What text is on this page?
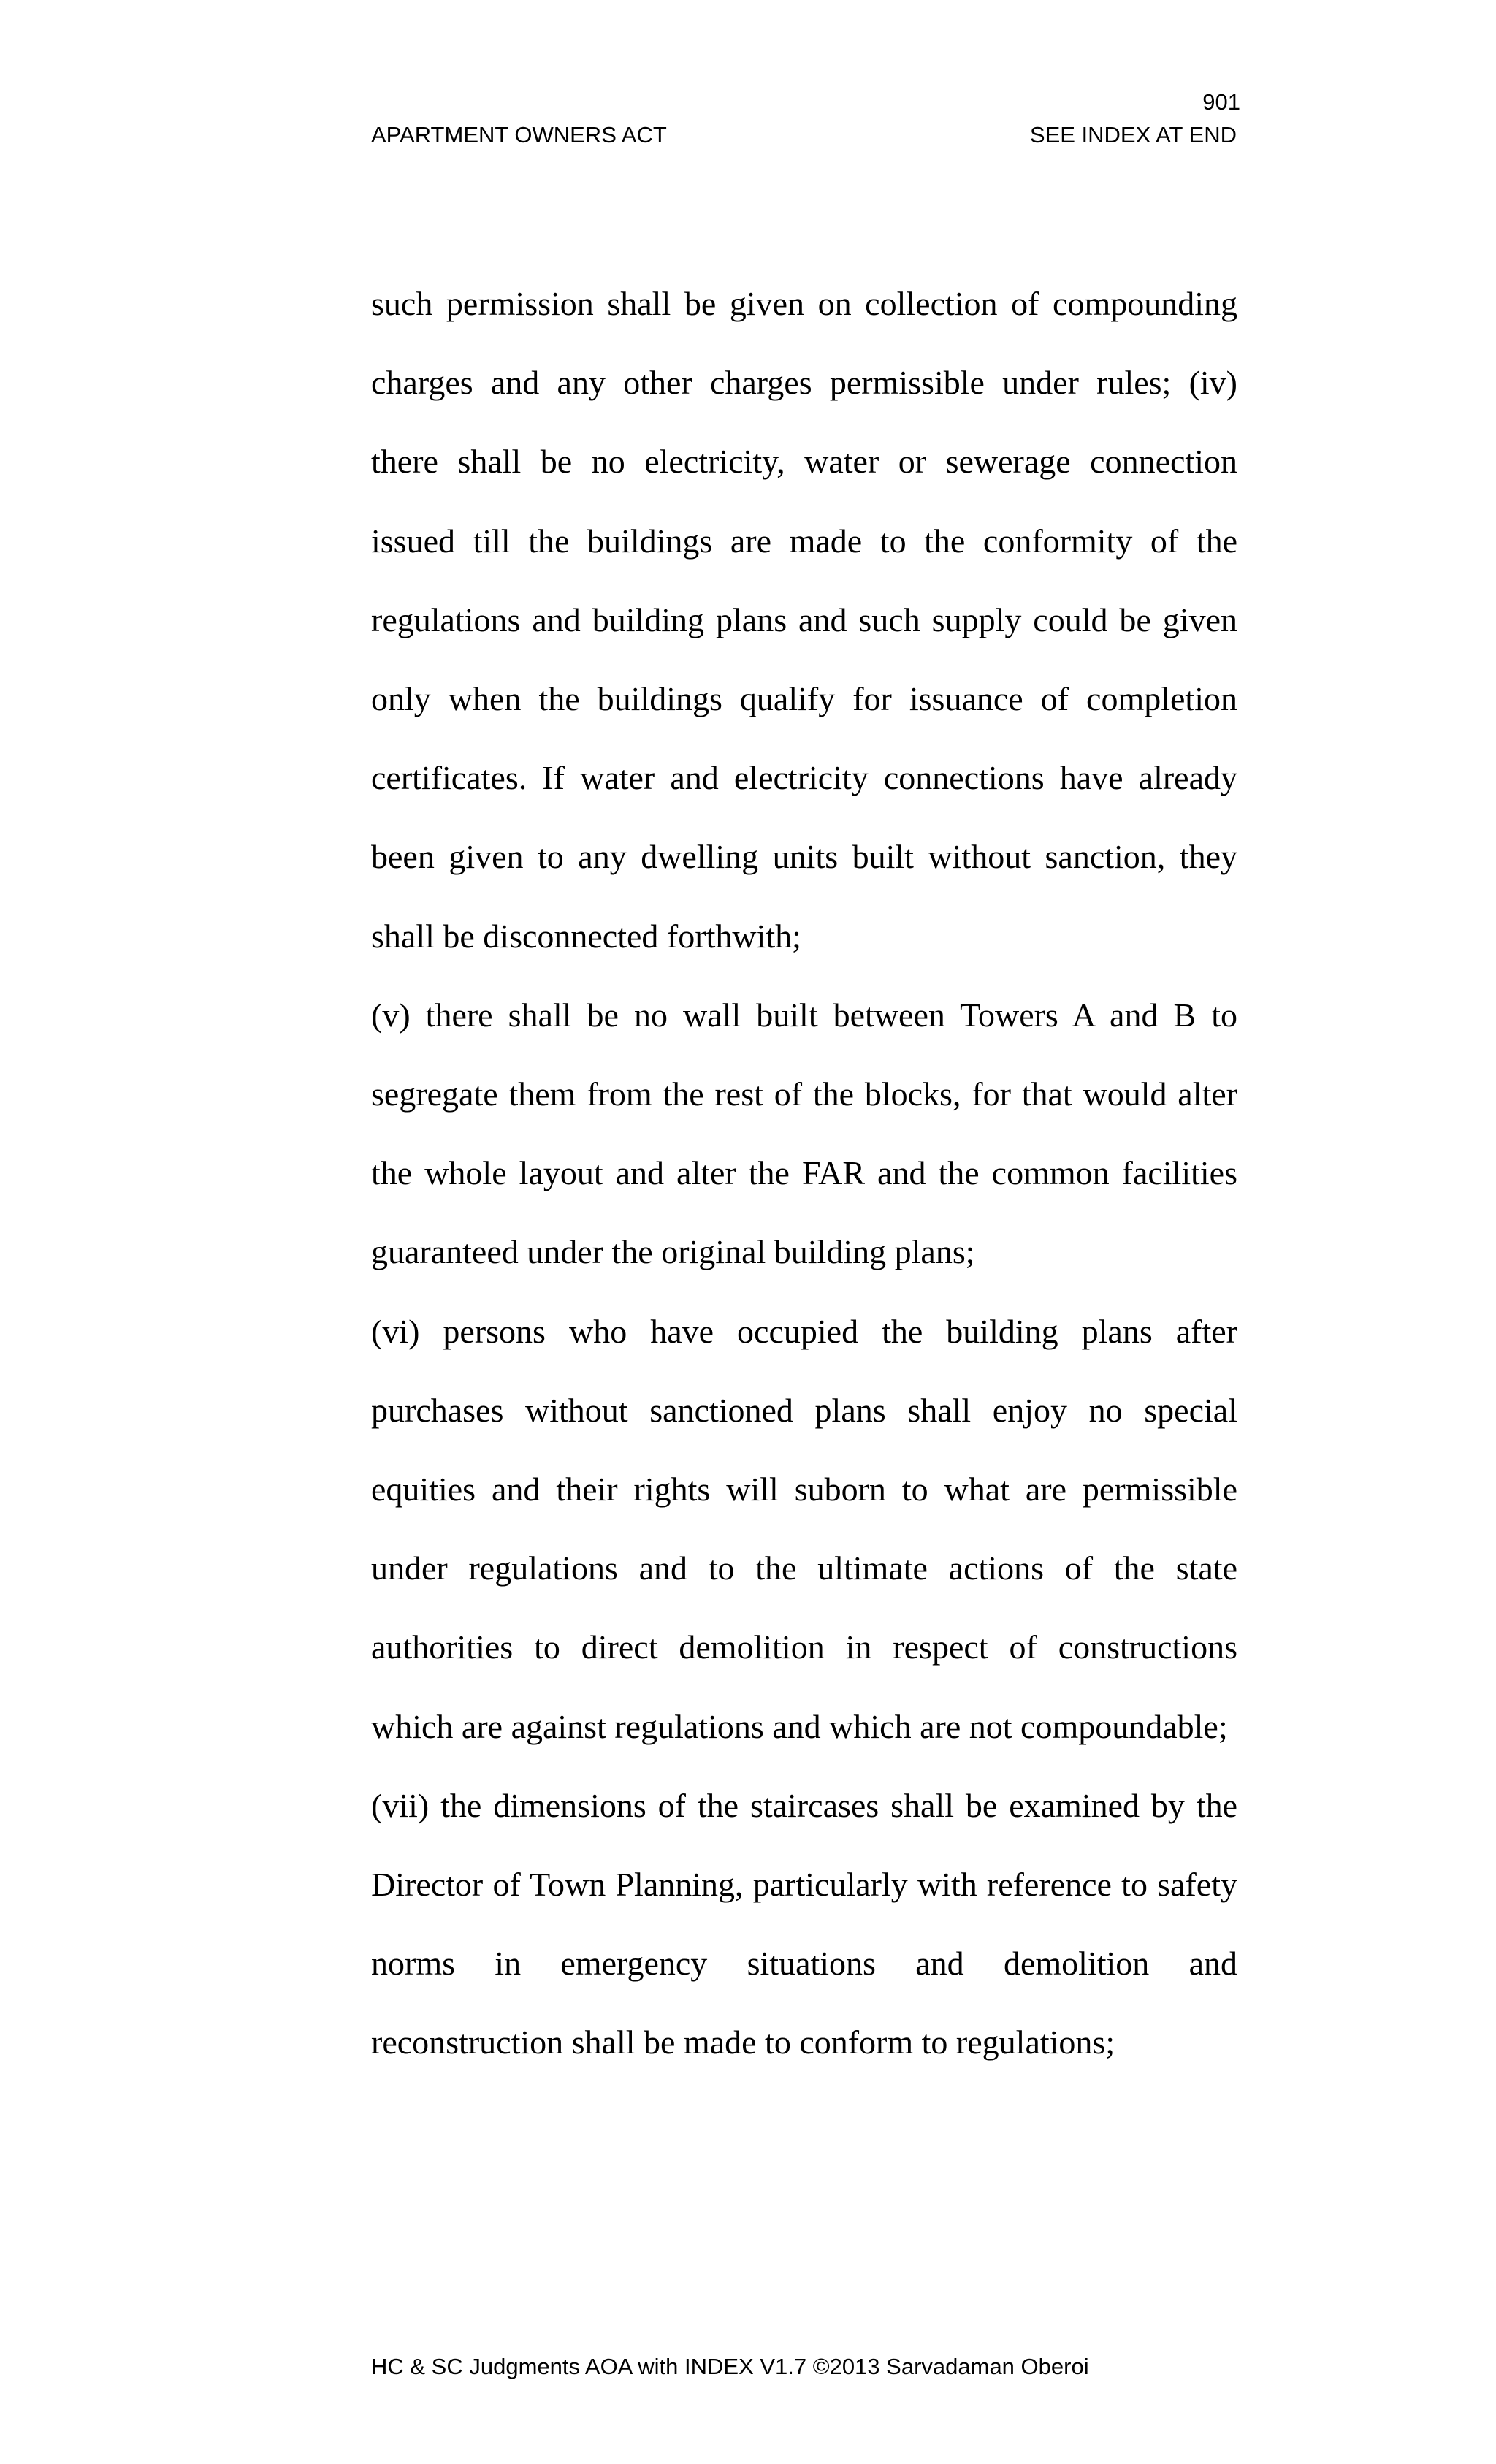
901
APARTMENT OWNERS ACT	SEE INDEX AT END

such permission shall be given on collection of compounding charges and any other charges permissible under rules; (iv) there shall be no electricity, water or sewerage connection issued till the buildings are made to the conformity of the regulations and building plans and such supply could be given only when the buildings qualify for issuance of completion certificates. If water and electricity connections have already been given to any dwelling units built without sanction, they shall be disconnected forthwith;

(v) there shall be no wall built between Towers A and B to segregate them from the rest of the blocks, for that would alter the whole layout and alter the FAR and the common facilities guaranteed under the original building plans;

(vi) persons who have occupied the building plans after purchases without sanctioned plans shall enjoy no special equities and their rights will suborn to what are permissible under regulations and to the ultimate actions of the state authorities to direct demolition in respect of constructions which are against regulations and which are not compoundable;

(vii) the dimensions of the staircases shall be examined by the Director of Town Planning, particularly with reference to safety norms in emergency situations and demolition and reconstruction shall be made to conform to regulations;

HC & SC Judgments AOA with INDEX V1.7 ©2013 Sarvadaman Oberoi
